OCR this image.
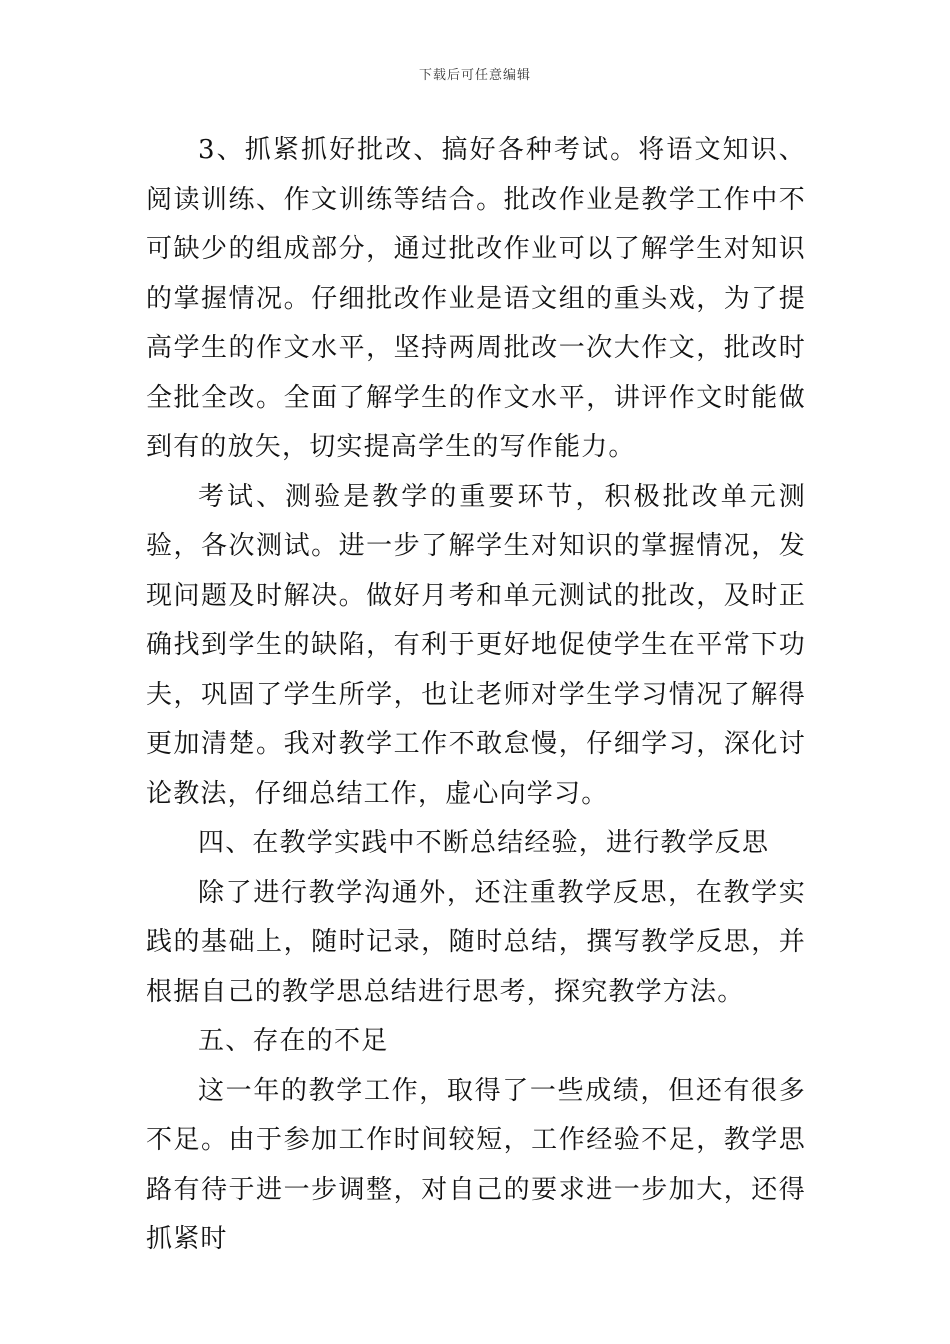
下载后可任意编辑

3、抓紧抓好批改、搞好各种考试。将语文知识、阅读训练、作文训练等结合。批改作业是教学工作中不可缺少的组成部分，通过批改作业可以了解学生对知识的掌握情况。仔细批改作业是语文组的重头戏，为了提高学生的作文水平，坚持两周批改一次大作文，批改时全批全改。全面了解学生的作文水平，讲评作文时能做到有的放矢，切实提高学生的写作能力。

考试、测验是教学的重要环节，积极批改单元测验，各次测试。进一步了解学生对知识的掌握情况，发现问题及时解决。做好月考和单元测试的批改，及时正确找到学生的缺陷，有利于更好地促使学生在平常下功夫，巩固了学生所学，也让老师对学生学习情况了解得更加清楚。我对教学工作不敢怠慢，仔细学习，深化讨论教法，仔细总结工作，虚心向学习。

四、在教学实践中不断总结经验，进行教学反思

除了进行教学沟通外，还注重教学反思，在教学实践的基础上，随时记录，随时总结，撰写教学反思，并根据自己的教学思总结进行思考，探究教学方法。

五、存在的不足

这一年的教学工作，取得了一些成绩，但还有很多不足。由于参加工作时间较短，工作经验不足，教学思路有待于进一步调整，对自己的要求进一步加大，还得抓紧时
